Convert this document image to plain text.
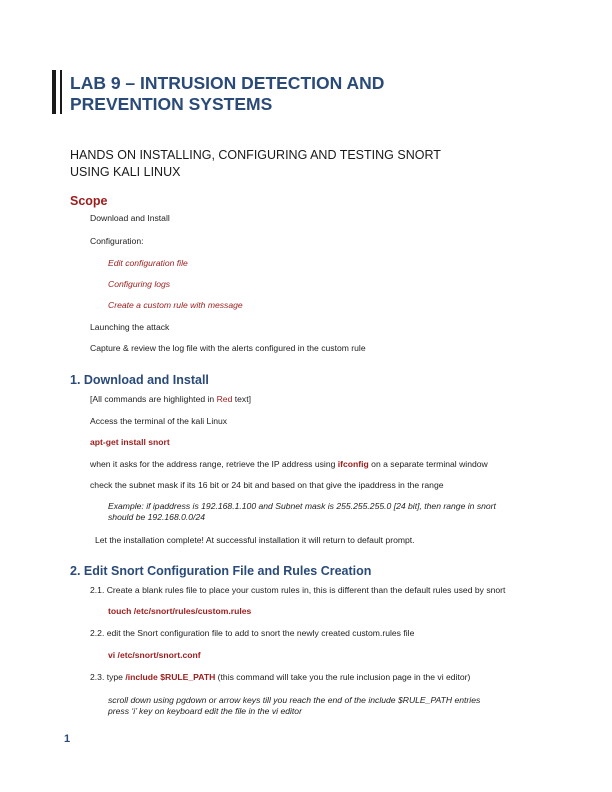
LAB 9 – INTRUSION DETECTION AND
PREVENTION SYSTEMS
HANDS ON INSTALLING, CONFIGURING AND TESTING SNORT
USING KALI LINUX
Scope
Download and Install
Configuration:
Edit configuration file
Configuring logs
Create a custom rule with message
Launching the attack
Capture & review the log file with the alerts configured in the custom rule
1. Download and Install
[All commands are highlighted in Red text]
Access the terminal of the kali Linux
apt-get install snort
when it asks for the address range, retrieve the IP address using ifconfig on a separate terminal window
check the subnet mask if its 16 bit or 24 bit and based on that give the ipaddress in the range
Example: if ipaddress is 192.168.1.100 and Subnet mask is 255.255.255.0 [24 bit], then range in snort
should be 192.168.0.0/24
Let the installation complete! At successful installation it will return to default prompt.
2. Edit Snort Configuration File and Rules Creation
2.1. Create a blank rules file to place your custom rules in, this is different than the default rules used by snort
touch /etc/snort/rules/custom.rules
2.2. edit the Snort configuration file to add to snort the newly created custom.rules file
vi /etc/snort/snort.conf
2.3. type /include $RULE_PATH (this command will take you the rule inclusion page in the vi editor)
scroll down using pgdown or arrow keys till you reach the end of the include $RULE_PATH entries
press ‘i’ key on keyboard edit the file in the vi editor
1
